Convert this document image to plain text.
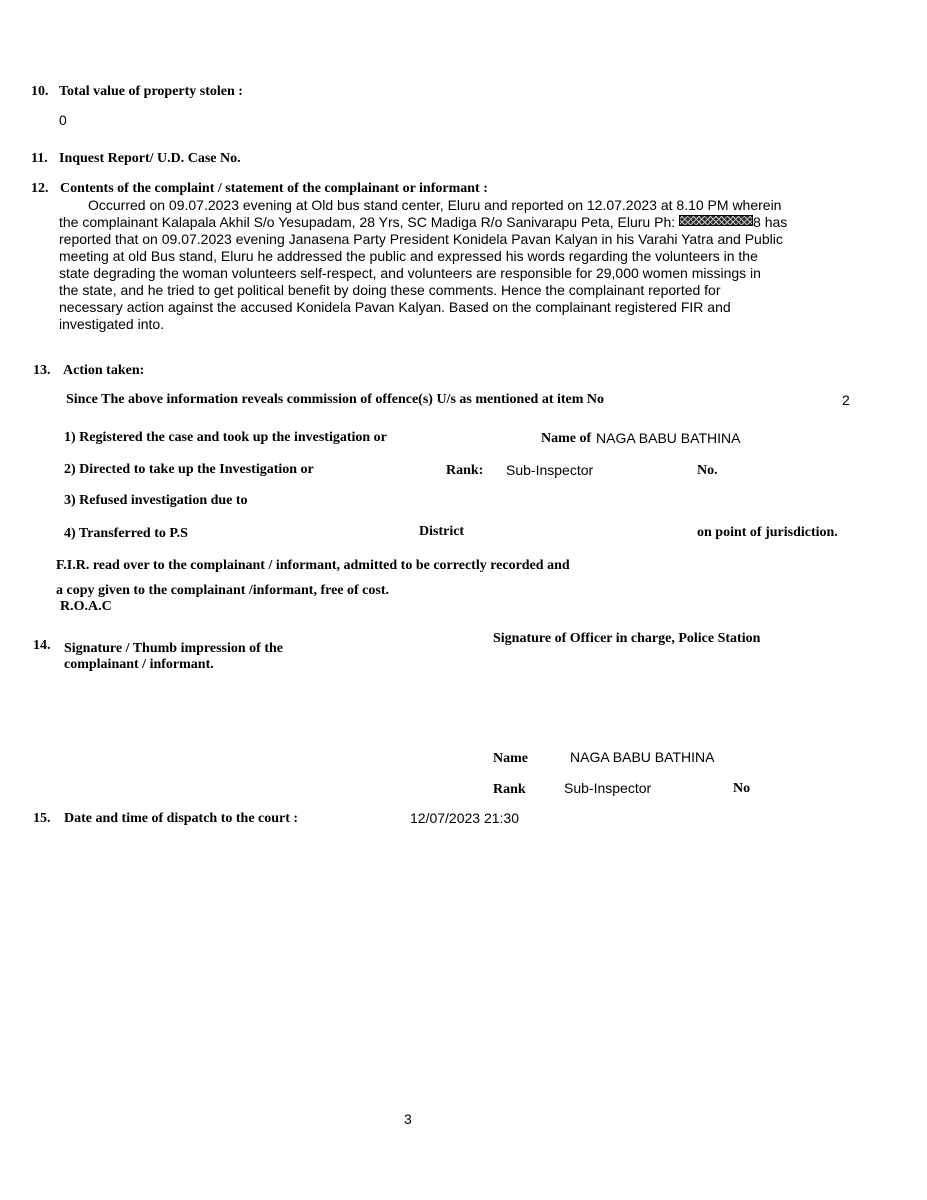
10. Total value of property stolen :
0
11. Inquest Report/ U.D. Case No.
12. Contents of the complaint / statement of the complainant or informant :
Occurred on 09.07.2023 evening at Old bus stand center, Eluru and reported on 12.07.2023 at 8.10 PM wherein
the complainant Kalapala Akhil S/o Yesupadam, 28 Yrs, SC Madiga R/o Sanivarapu Peta, Eluru Ph:	8 has
reported that on 09.07.2023 evening Janasena Party President Konidela Pavan Kalyan in his Varahi Yatra and Public
meeting at old Bus stand, Eluru he addressed the public and expressed his words regarding the volunteers in the
state degrading the woman volunteers self-respect, and volunteers are responsible for 29,000 women missings in
the state, and he tried to get political benefit by doing these comments. Hence the complainant reported for
necessary action against the accused Konidela Pavan Kalyan. Based on the complainant registered FIR and
investigated into.
13. Action taken:
Since The above information reveals commission of offence(s) U/s as mentioned at item No	2
1) Registered the case and took up the investigation or	Name of NAGA BABU BATHINA
2) Directed to take up the Investigation or	Rank: Sub-Inspector	No.
3) Refused investigation due to
4) Transferred to P.S	District	on point of jurisdiction.
F.I.R. read over to the complainant / informant, admitted to be correctly recorded and
a copy given to the complainant /informant, free of cost.
R.O.A.C
14. Signature / Thumb impression of the
complainant / informant.
Signature of Officer in charge, Police Station
Name	NAGA BABU BATHINA
Rank	Sub-Inspector	No
15. Date and time of dispatch to the court :	12/07/2023 21:30
3
